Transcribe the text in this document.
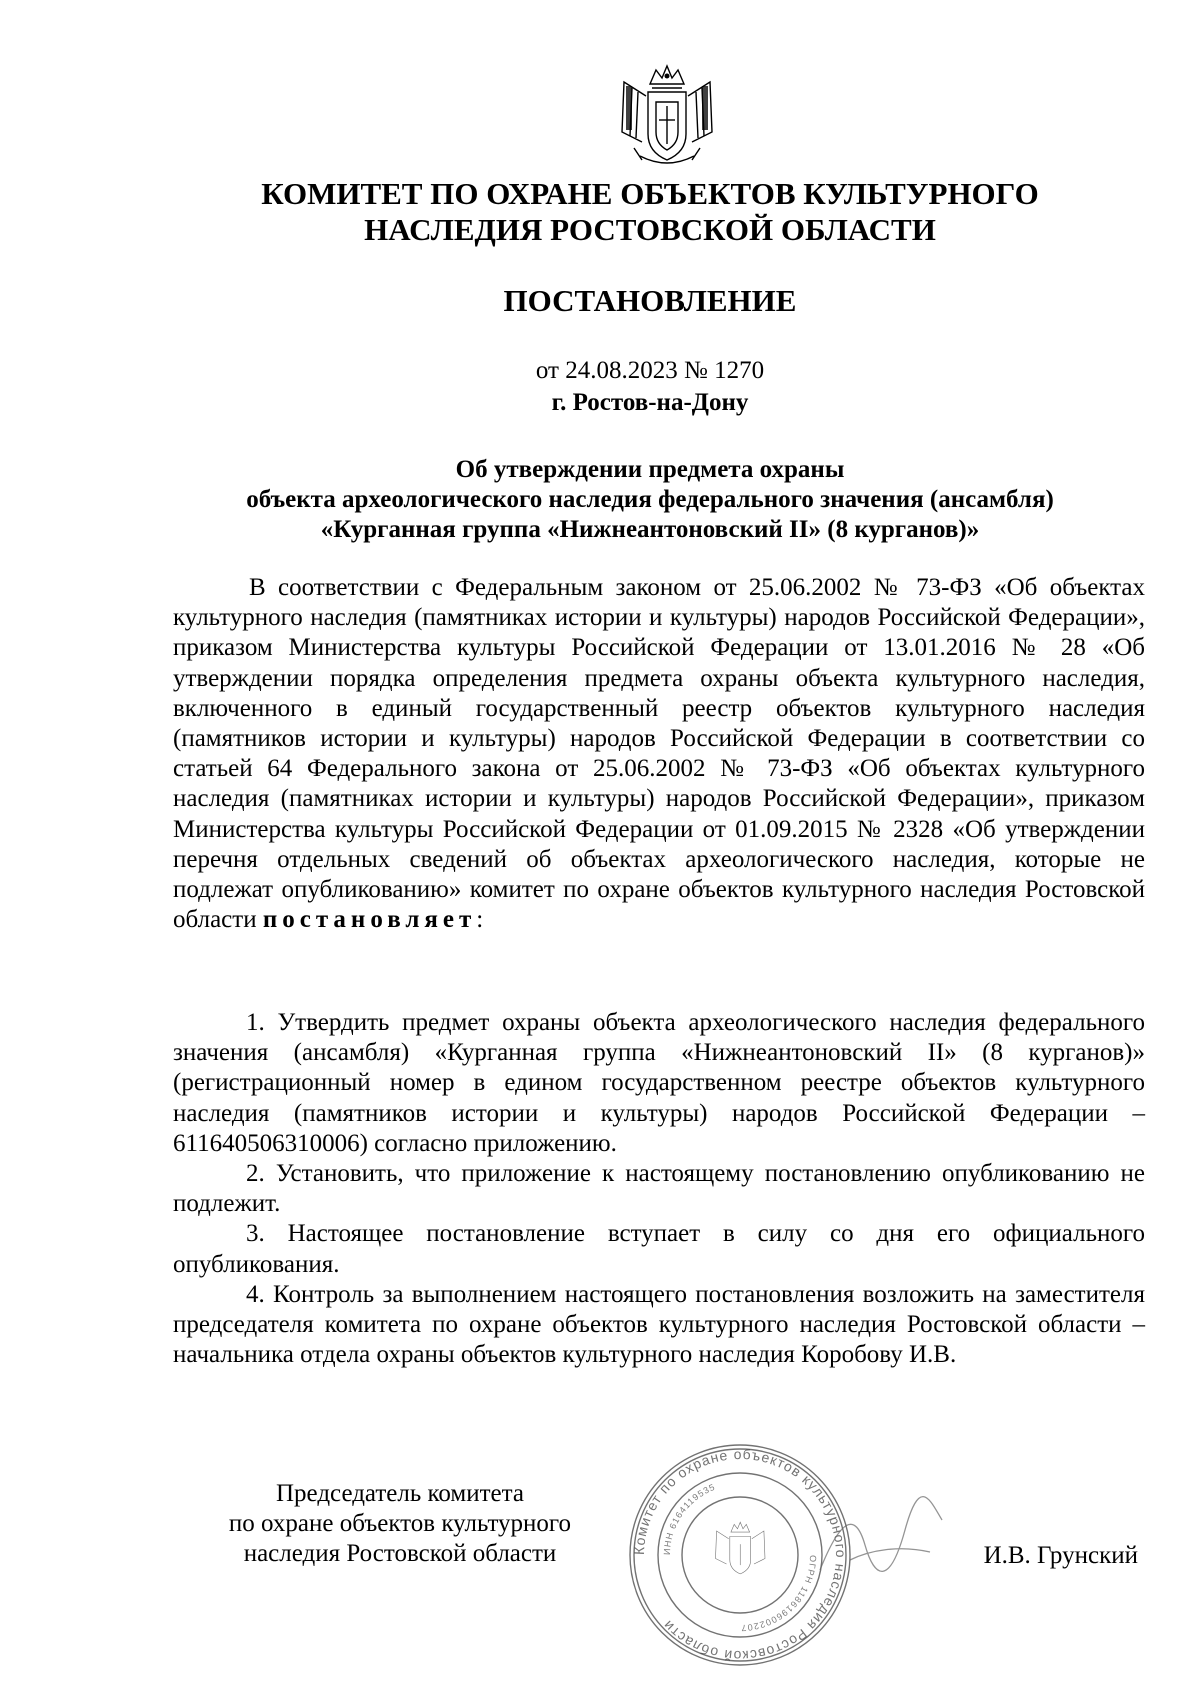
КОМИТЕТ ПО ОХРАНЕ ОБЪЕКТОВ КУЛЬТУРНОГО
НАСЛЕДИЯ РОСТОВСКОЙ ОБЛАСТИ
ПОСТАНОВЛЕНИЕ
от 24.08.2023 № 1270
г. Ростов-на-Дону
Об утверждении предмета охраны
объекта археологического наследия федерального значения (ансамбля)
«Курганная группа «Нижнеантоновский II» (8 курганов)»

В соответствии с Федеральным законом от 25.06.2002 № 73-ФЗ «Об объектах культурного наследия (памятниках истории и культуры) народов Российской Федерации», приказом Министерства культуры Российской Федерации от 13.01.2016 № 28 «Об утверждении порядка определения предмета охраны объекта культурного наследия, включенного в единый государственный реестр объектов культурного наследия (памятников истории и культуры) народов Российской Федерации в соответствии со статьей 64 Федерального закона от 25.06.2002 № 73-ФЗ «Об объектах культурного наследия (памятниках истории и культуры) народов Российской Федерации», приказом Министерства культуры Российской Федерации от 01.09.2015 № 2328 «Об утверждении перечня отдельных сведений об объектах археологического наследия, которые не подлежат опубликованию» комитет по охране объектов культурного наследия Ростовской области постановляет:

1. Утвердить предмет охраны объекта археологического наследия федерального значения (ансамбля) «Курганная группа «Нижнеантоновский II» (8 курганов)» (регистрационный номер в едином государственном реестре объектов культурного наследия (памятников истории и культуры) народов Российской Федерации – 611640506310006) согласно приложению.

2. Установить, что приложение к настоящему постановлению опубликованию не подлежит.

3. Настоящее постановление вступает в силу со дня его официального опубликования.

4. Контроль за выполнением настоящего постановления возложить на заместителя председателя комитета по охране объектов культурного наследия Ростовской области – начальника отдела охраны объектов культурного наследия Коробову И.В.

Председатель комитета
по охране объектов культурного
наследия Ростовской области	Комитет по охране объектов культурного наследия Ростовской области
ИНН 6164119535
ОГРН 1186196002207
И.В. Грунский
